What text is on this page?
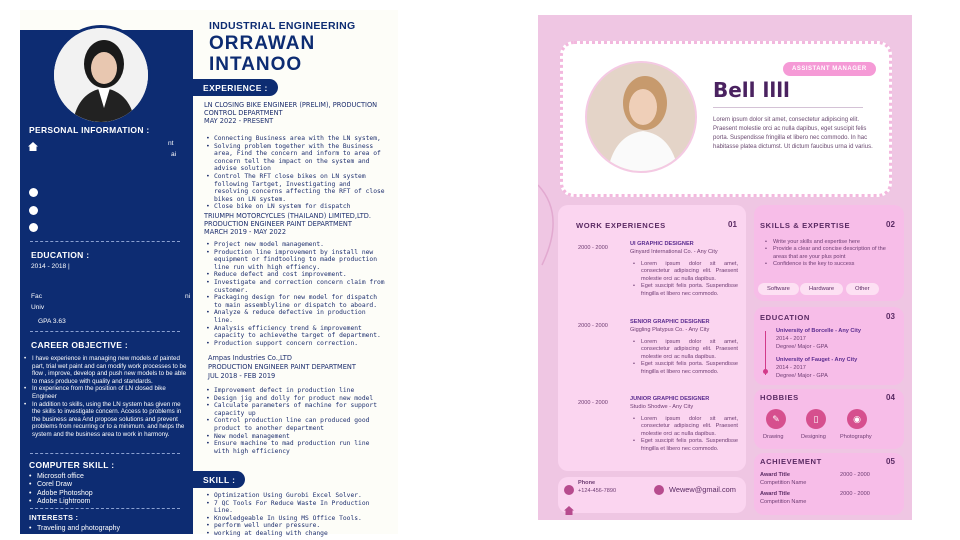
PERSONAL INFORMATION :
nt
ai
EDUCATION :
2014 - 2018 |
Fac	ni
Univ
GPA 3.63
CAREER OBJECTIVE :
• I have experience in managing new models of painted part, trial wet paint and can modify work processes to be flow , improve, develop and push new models to be able to mass produce with quality and standards.
• In experience from the position of LN closed bike Engineer
• In addition to skills, using the LN system has given me the skills to investigate concern. Access to problems in the business area And propose solutions and prevent problems from recurring or to a minimum. and helps the system and the business area to work in harmony.
COMPUTER SKILL :
• Microsoft office
• Corel Draw
• Adobe Photoshop
• Adobe Lightroom
INTERESTS :
• Traveling and photography
INDUSTRIAL ENGINEERING
ORRAWAN
INTANOO
EXPERIENCE :
LN CLOSING BIKE ENGINEER (PRELIM), PRODUCTION CONTROL DEPARTMENT
MAY 2022 - PRESENT
• Connecting Business area with the LN system,
• Solving problem together with the Business area, Find the concern and inform to area of concern tell the impact on the system and advise solution
• Control The RFT close bikes on LN system following Tartget, Investigating and resolving concerns affecting the RFT of close bikes on LN system.
• Close bike on LN system for dispatch
TRIUMPH MOTORCYCLES (THAILAND) LIMITED,LTD. PRODUCTION ENGINEER PAINT DEPARTMENT
MARCH 2019 - MAY 2022
• Project new model management.
• Production line improvement by install new equipment or findtooling to made production line run with high effiency.
• Reduce defect and cost improvement.
• Investigate and correction concern claim from customer.
• Packaging design for new model for dispatch to main assemblyline or dispatch to aboard.
• Analyze & reduce defective in production line.
• Analysis efficiency trend & improvement capacity to achievethe target of department.
• Production support concern correction.
Ampas Industries Co.,LTD
PRODUCTION ENGINEER PAINT DEPARTMENT
JUL 2018 - FEB 2019
• Improvement defect in production line
• Design jig and dolly for product new model
• Calculate parameters of machine for support capacity up
• Control production line can produced good product to another department
• New model management
• Ensure machine to mad production run line with high efficiency
SKILL :
• Optimization Using Gurobi Excel Solver.
• 7 QC Tools For Reduce Waste In Production Line.
• Knowledgeable In Using MS Office Tools.
• perform well under pressure.
• working at dealing with change
ASSISTANT MANAGER
Bell llll
Lorem ipsum dolor sit amet, consectetur adipiscing elit. Praesent molestie orci ac nulla dapibus, eget suscipit felis porta. Suspendisse fringilla et libero nec commodo. In hac habitasse platea dictumst. Ut dictum faucibus urna id varius.
WORK EXPERIENCES	01
2000 - 2000
UI GRAPHIC DESIGNER
Ginyard International Co. - Any City
• Lorem ipsum dolor sit amet, consectetur adipiscing elit. Praesent molestie orci ac nulla dapibus.
• Eget suscipit felis porta. Suspendisse fringilla et libero nec commodo.
2000 - 2000
SENIOR GRAPHIC DESIGNER
Giggling Platypus Co. - Any City
• Lorem ipsum dolor sit amet, consectetur adipiscing elit. Praesent molestie orci ac nulla dapibus.
• Eget suscipit felis porta. Suspendisse fringilla et libero nec commodo.
2000 - 2000
JUNIOR GRAPHIC DESIGNER
Studio Shodwe - Any City
• Lorem ipsum dolor sit amet, consectetur adipiscing elit. Praesent molestie orci ac nulla dapibus.
• Eget suscipit felis porta. Suspendisse fringilla et libero nec commodo.
SKILLS & EXPERTISE	02
• Write your skills and expertise here
• Provide a clear and concise description of the areas that are your plus point
• Confidence is the key to success
Software	Hardware	Other
EDUCATION	03
University of Borcelle - Any City
2014 - 2017
Degree/ Major - GPA
University of Fauget - Any City
2014 - 2017
Degree/ Major - GPA
HOBBIES	04
✎	▯	◉
Drawing	Designing	Photography
ACHIEVEMENT	05
Award Title	2000 - 2000
Competition Name
Award Title	2000 - 2000
Competition Name
Phone
+124-456-7890	Wewew@gmail.com
